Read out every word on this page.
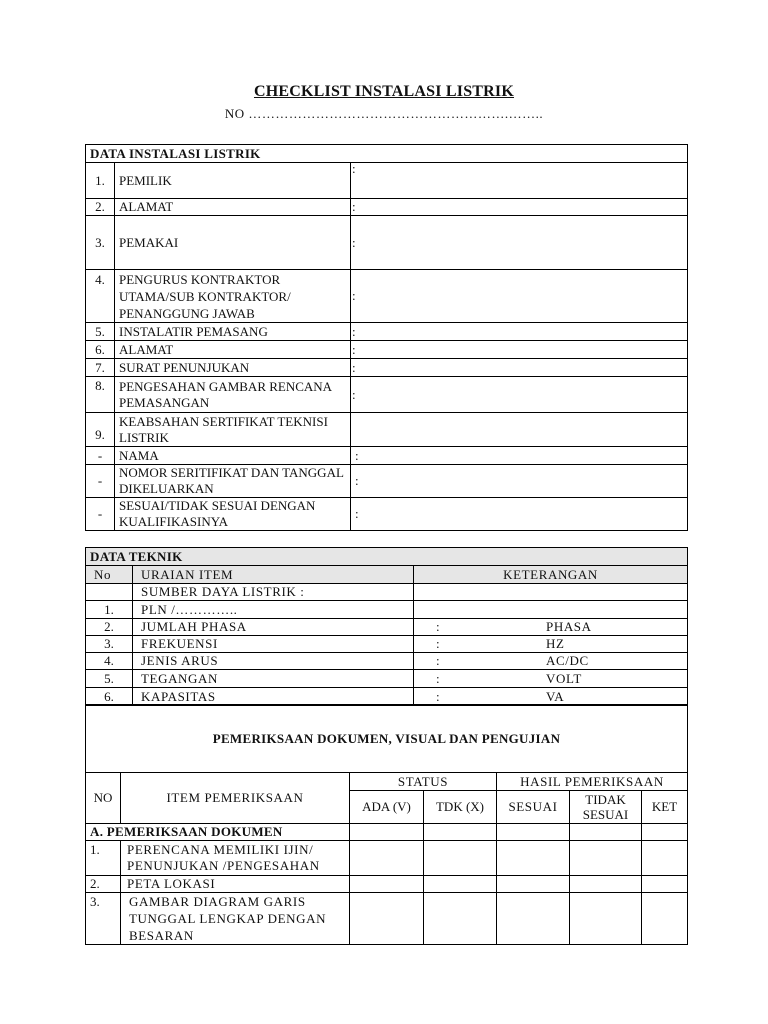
CHECKLIST INSTALASI LISTRIK
NO ………………………………………………….……..
DATA INSTALASI LISTRIK		
1.	PEMILIK	:
2.	ALAMAT	:
3.	PEMAKAI	:
4.	PENGURUS KONTRAKTOR UTAMA/SUB KONTRAKTOR/ PENANGGUNG JAWAB	:
5.	INSTALATIR PEMASANG	:
6.	ALAMAT	:
7.	SURAT PENUNJUKAN	:
8.	PENGESAHAN GAMBAR RENCANA PEMASANGAN	:
9.	KEABSAHAN SERTIFIKAT TEKNISI LISTRIK	
-	NAMA	:
-	NOMOR SERITIFIKAT DAN TANGGAL DIKELUARKAN	:
-	SESUAI/TIDAK SESUAI DENGAN KUALIFIKASINYA	:
DATA TEKNIK		
No	URAIAN ITEM	KETERANGAN
	SUMBER DAYA LISTRIK :	
1.	PLN /…………..	
2.	JUMLAH PHASA	: PHASA

3.	FREKUENSI	: HZ

4.	JENIS ARUS	: AC/DC

5.	TEGANGAN	: VOLT

6.	KAPASITAS	: VA
PEMERIKSAAN DOKUMEN, VISUAL DAN PENGUJIAN						
NO	ITEM PEMERIKSAAN	STATUS		HASIL PEMERIKSAAN		
		ADA (V)	TDK (X)	SESUAI	TIDAK SESUAI	KET
A. PEMERIKSAAN DOKUMEN						
1.	PERENCANA MEMILIKI IJIN/ PENUNJUKAN /PENGESAHAN					
2.	PETA LOKASI					
3.	GAMBAR DIAGRAM GARIS TUNGGAL LENGKAP DENGAN BESARAN					
